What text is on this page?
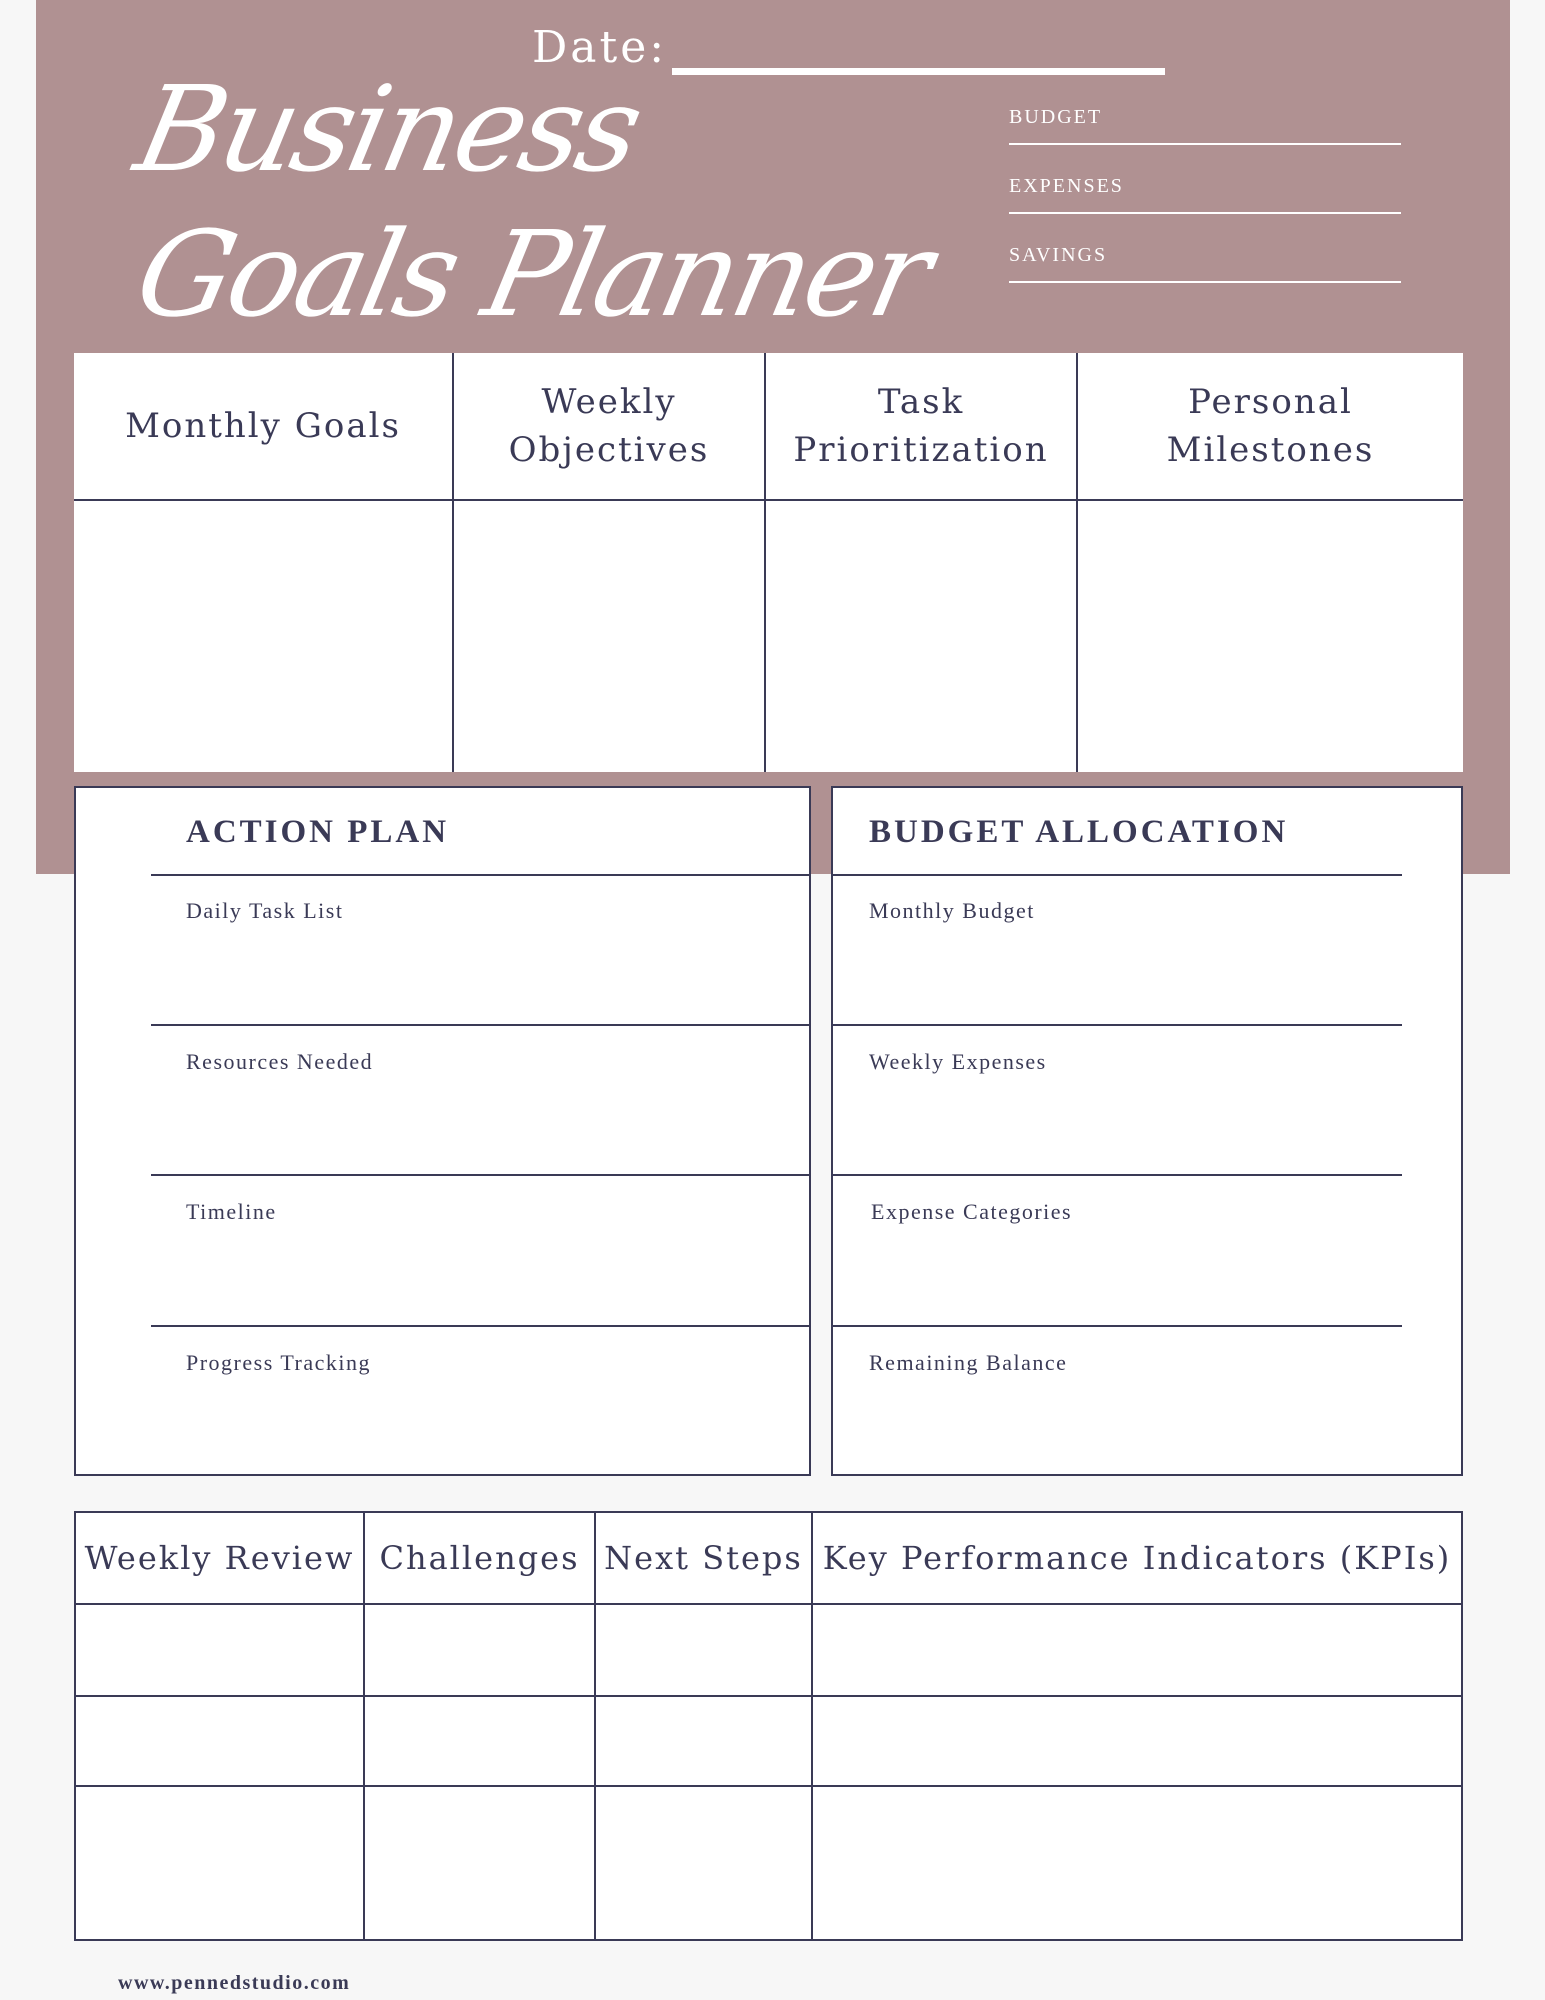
Date:
Business
Goals Planner
BUDGET
EXPENSES
SAVINGS
Monthly Goals
Weekly Objectives
Task Prioritization
Personal Milestones
ACTION PLAN
Daily Task List
Resources Needed
Timeline
Progress Tracking
BUDGET ALLOCATION
Monthly Budget
Weekly Expenses
Expense Categories
Remaining Balance
Weekly Review Challenges Next Steps Key Performance Indicators (KPIs)
www.pennedstudio.com
